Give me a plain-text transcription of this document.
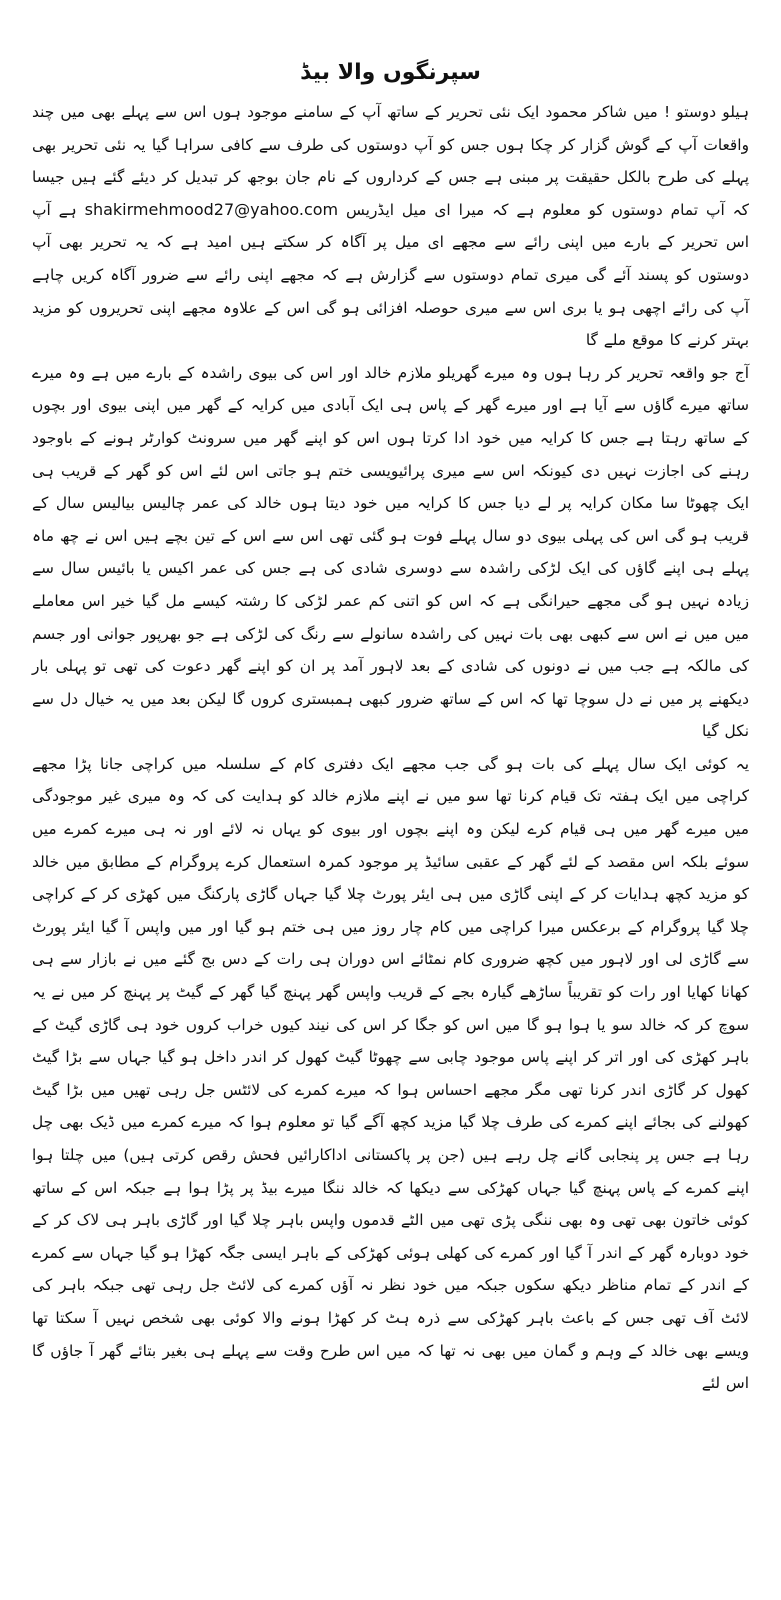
سپرنگوں والا بیڈ

ہیلو دوستو ! میں شاکر محمود ایک نئی تحریر کے ساتھ آپ کے سامنے موجود ہوں اس سے پہلے بھی میں چند واقعات آپ کے گوش گزار کر چکا ہوں جس کو آپ دوستوں کی طرف سے کافی سراہا گیا یہ نئی تحریر بھی پہلے کی طرح بالکل حقیقت پر مبنی ہے جس کے کرداروں کے نام جان بوجھ کر تبدیل کر دیئے گئے ہیں جیسا کہ آپ تمام دوستوں کو معلوم ہے کہ میرا ای میل ایڈریس shakirmehmood27@yahoo.com ہے آپ اس تحریر کے بارے میں اپنی رائے سے مجھے ای میل پر آگاہ کر سکتے ہیں امید ہے کہ یہ تحریر بھی آپ دوستوں کو پسند آئے گی میری تمام دوستوں سے گزارش ہے کہ مجھے اپنی رائے سے ضرور آگاہ کریں چاہے آپ کی رائے اچھی ہو یا بری اس سے میری حوصلہ افزائی ہو گی اس کے علاوہ مجھے اپنی تحریروں کو مزید بہتر کرنے کا موقع ملے گا

آج جو واقعہ تحریر کر رہا ہوں وہ میرے گھریلو ملازم خالد اور اس کی بیوی راشدہ کے بارے میں ہے وہ میرے ساتھ میرے گاؤں سے آیا ہے اور میرے گھر کے پاس ہی ایک آبادی میں کرایہ کے گھر میں اپنی بیوی اور بچوں کے ساتھ رہتا ہے جس کا کرایہ میں خود ادا کرتا ہوں اس کو اپنے گھر میں سرونٹ کوارٹر ہونے کے باوجود رہنے کی اجازت نہیں دی کیونکہ اس سے میری پرائیویسی ختم ہو جاتی اس لئے اس کو گھر کے قریب ہی ایک چھوٹا سا مکان کرایہ پر لے دیا جس کا کرایہ میں خود دیتا ہوں خالد کی عمر چالیس بیالیس سال کے قریب ہو گی اس کی پہلی بیوی دو سال پہلے فوت ہو گئی تھی اس سے اس کے تین بچے ہیں اس نے چھ ماہ پہلے ہی اپنے گاؤں کی ایک لڑکی راشدہ سے دوسری شادی کی ہے جس کی عمر اکیس یا بائیس سال سے زیادہ نہیں ہو گی مجھے حیرانگی ہے کہ اس کو اتنی کم عمر لڑکی کا رشتہ کیسے مل گیا خیر اس معاملے میں میں نے اس سے کبھی بھی بات نہیں کی راشدہ سانولے سے رنگ کی لڑکی ہے جو بھرپور جوانی اور جسم کی مالکہ ہے جب میں نے دونوں کی شادی کے بعد لاہور آمد پر ان کو اپنے گھر دعوت کی تھی تو پہلی بار دیکھنے پر میں نے دل سوچا تھا کہ اس کے ساتھ ضرور کبھی ہمبستری کروں گا لیکن بعد میں یہ خیال دل سے نکل گیا

یہ کوئی ایک سال پہلے کی بات ہو گی جب مجھے ایک دفتری کام کے سلسلہ میں کراچی جانا پڑا مجھے کراچی میں ایک ہفتہ تک قیام کرنا تھا سو میں نے اپنے ملازم خالد کو ہدایت کی کہ وہ میری غیر موجودگی میں میرے گھر میں ہی قیام کرے لیکن وہ اپنے بچوں اور بیوی کو یہاں نہ لائے اور نہ ہی میرے کمرے میں سوئے بلکہ اس مقصد کے لئے گھر کے عقبی سائیڈ پر موجود کمرہ استعمال کرے پروگرام کے مطابق میں خالد کو مزید کچھ ہدایات کر کے اپنی گاڑی میں ہی ایئر پورٹ چلا گیا جہاں گاڑی پارکنگ میں کھڑی کر کے کراچی چلا گیا پروگرام کے برعکس میرا کراچی میں کام چار روز میں ہی ختم ہو گیا اور میں واپس آ گیا ایئر پورٹ سے گاڑی لی اور لاہور میں کچھ ضروری کام نمٹائے اس دوران ہی رات کے دس بج گئے میں نے بازار سے ہی کھانا کھایا اور رات کو تقریباً ساڑھے گیارہ بجے کے قریب واپس گھر پہنچ گیا گھر کے گیٹ پر پہنچ کر میں نے یہ سوچ کر کہ خالد سو یا ہوا ہو گا میں اس کو جگا کر اس کی نیند کیوں خراب کروں خود ہی گاڑی گیٹ کے باہر کھڑی کی اور اتر کر اپنے پاس موجود چابی سے چھوٹا گیٹ کھول کر اندر داخل ہو گیا جہاں سے بڑا گیٹ کھول کر گاڑی اندر کرنا تھی مگر مجھے احساس ہوا کہ میرے کمرے کی لائٹس جل رہی تھیں میں بڑا گیٹ کھولنے کی بجائے اپنے کمرے کی طرف چلا گیا مزید کچھ آگے گیا تو معلوم ہوا کہ میرے کمرے میں ڈیک بھی چل رہا ہے جس پر پنجابی گانے چل رہے ہیں (جن پر پاکستانی اداکارائیں فحش رقص کرتی ہیں) میں چلتا ہوا اپنے کمرے کے پاس پہنچ گیا جہاں کھڑکی سے دیکھا کہ خالد ننگا میرے بیڈ پر پڑا ہوا ہے جبکہ اس کے ساتھ کوئی خاتون بھی تھی وہ بھی ننگی پڑی تھی میں الٹے قدموں واپس باہر چلا گیا اور گاڑی باہر ہی لاک کر کے خود دوبارہ گھر کے اندر آ گیا اور کمرے کی کھلی ہوئی کھڑکی کے باہر ایسی جگہ کھڑا ہو گیا جہاں سے کمرے کے اندر کے تمام مناظر دیکھ سکوں جبکہ میں خود نظر نہ آؤں کمرے کی لائٹ جل رہی تھی جبکہ باہر کی لائٹ آف تھی جس کے باعث باہر کھڑکی سے ذرہ ہٹ کر کھڑا ہونے والا کوئی بھی شخص نہیں آ سکتا تھا ویسے بھی خالد کے وہم و گمان میں بھی نہ تھا کہ میں اس طرح وقت سے پہلے ہی بغیر بتائے گھر آ جاؤں گا اس لئے
